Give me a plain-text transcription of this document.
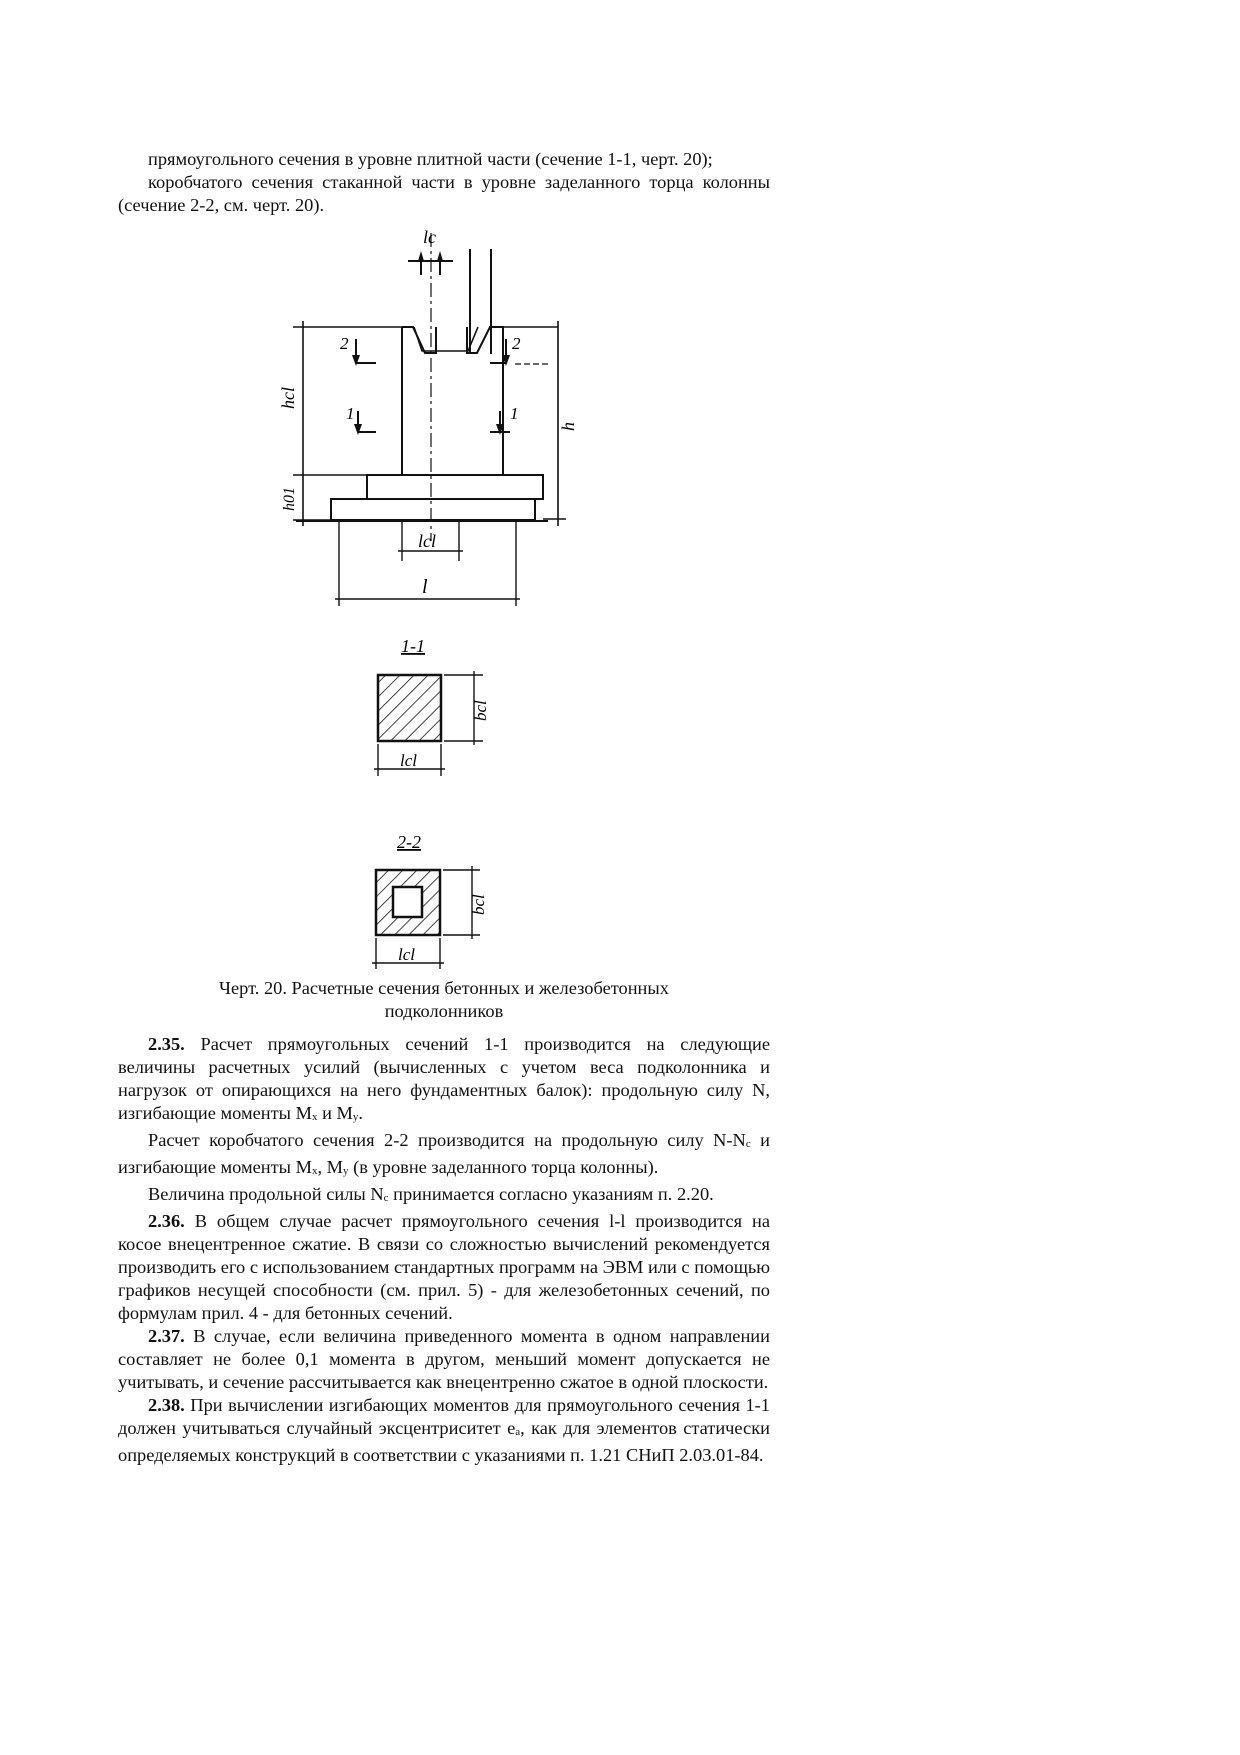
прямоугольного сечения в уровне плитной части (сечение 1-1, черт. 20);

коробчатого сечения стаканной части в уровне заделанного торца колонны (сечение 2-2, см. черт. 20).

lc
hcl
h01
h
2
1
2
1
lcl
l
1-1
bcl
lcl
2-2
bcl
lcl

Черт. 20. Расчетные сечения бетонных и железобетонных подколонников

2.35. Расчет прямоугольных сечений 1-1 производится на следующие величины расчетных усилий (вычисленных с учетом веса подколонника и нагрузок от опирающихся на него фундаментных балок): продольную силу N, изгибающие моменты $M_x$ и $M_y$.

Расчет коробчатого сечения 2-2 производится на продольную силу $N-N_c$ и изгибающие моменты $M_x$, $M_y$ (в уровне заделанного торца колонны).

Величина продольной силы $N_c$ принимается согласно указаниям п. 2.20.

2.36. В общем случае расчет прямоугольного сечения l-l производится на косое внецентренное сжатие. В связи со сложностью вычислений рекомендуется производить его с использованием стандартных программ на ЭВМ или с помощью графиков несущей способности (см. прил. 5) - для железобетонных сечений, по формулам прил. 4 - для бетонных сечений.

2.37. В случае, если величина приведенного момента в одном направлении составляет не более 0,1 момента в другом, меньший момент допускается не учитывать, и сечение рассчитывается как внецентренно сжатое в одной плоскости.

2.38. При вычислении изгибающих моментов для прямоугольного сечения 1-1 должен учитываться случайный эксцентриситет $e_a$, как для элементов статически определяемых конструкций в соответствии с указаниями п. 1.21 СНиП 2.03.01-84.
